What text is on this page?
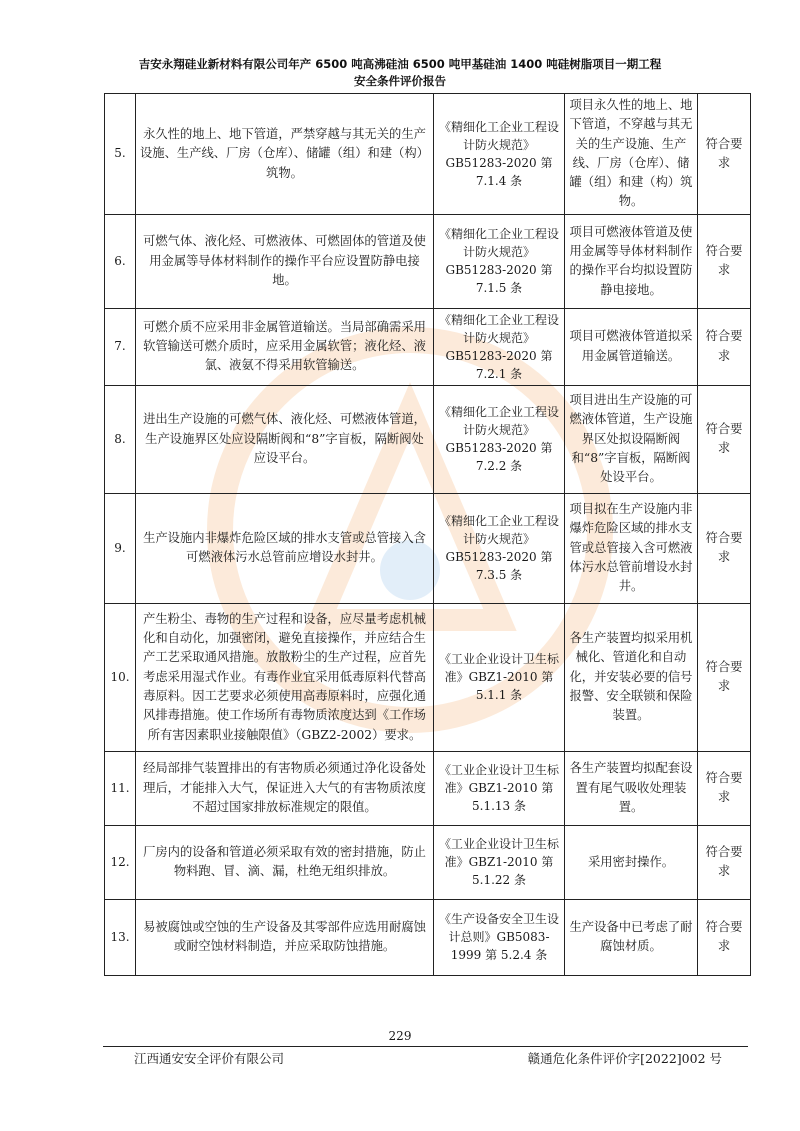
吉安永翔硅业新材料有限公司年产 6500 吨高沸硅油 6500 吨甲基硅油 1400 吨硅树脂项目一期工程
安全条件评价报告
5.	永久性的地上、地下管道，严禁穿越与其无关的生产设施、生产线、厂房（仓库）、储罐（组）和建（构）筑物。	《精细化工企业工程设计防火规范》GB51283-2020 第 7.1.4 条	项目永久性的地上、地下管道，不穿越与其无关的生产设施、生产线、厂房（仓库）、储罐（组）和建（构）筑物。	符合要求
6.	可燃气体、液化烃、可燃液体、可燃固体的管道及使用金属等导体材料制作的操作平台应设置防静电接地。	《精细化工企业工程设计防火规范》GB51283-2020 第 7.1.5 条	项目可燃液体管道及使用金属等导体材料制作的操作平台均拟设置防静电接地。	符合要求
7.	可燃介质不应采用非金属管道输送。当局部确需采用软管输送可燃介质时，应采用金属软管；液化烃、液氯、液氨不得采用软管输送。	《精细化工企业工程设计防火规范》GB51283-2020 第 7.2.1 条	项目可燃液体管道拟采用金属管道输送。	符合要求
8.	进出生产设施的可燃气体、液化烃、可燃液体管道，生产设施界区处应设隔断阀和“8”字盲板，隔断阀处应设平台。	《精细化工企业工程设计防火规范》GB51283-2020 第 7.2.2 条	项目进出生产设施的可燃液体管道，生产设施界区处拟设隔断阀和“8”字盲板，隔断阀处设平台。	符合要求
9.	生产设施内非爆炸危险区域的排水支管或总管接入含可燃液体污水总管前应增设水封井。	《精细化工企业工程设计防火规范》GB51283-2020 第 7.3.5 条	项目拟在生产设施内非爆炸危险区域的排水支管或总管接入含可燃液体污水总管前增设水封井。	符合要求
10.	产生粉尘、毒物的生产过程和设备，应尽量考虑机械化和自动化，加强密闭，避免直接操作，并应结合生产工艺采取通风措施。放散粉尘的生产过程，应首先考虑采用湿式作业。有毒作业宜采用低毒原料代替高毒原料。因工艺要求必须使用高毒原料时，应强化通风排毒措施。使工作场所有毒物质浓度达到《工作场所有害因素职业接触限值》（GBZ2-2002）要求。	《工业企业设计卫生标准》GBZ1-2010 第 5.1.1 条	各生产装置均拟采用机械化、管道化和自动化，并安装必要的信号报警、安全联锁和保险装置。	符合要求
11.	经局部排气装置排出的有害物质必须通过净化设备处理后，才能排入大气，保证进入大气的有害物质浓度不超过国家排放标准规定的限值。	《工业企业设计卫生标准》GBZ1-2010 第 5.1.13 条	各生产装置均拟配套设置有尾气吸收处理装置。	符合要求
12.	厂房内的设备和管道必须采取有效的密封措施，防止物料跑、冒、滴、漏，杜绝无组织排放。	《工业企业设计卫生标准》GBZ1-2010 第 5.1.22 条	采用密封操作。	符合要求
13.	易被腐蚀或空蚀的生产设备及其零部件应选用耐腐蚀或耐空蚀材料制造，并应采取防蚀措施。	《生产设备安全卫生设计总则》GB5083-1999 第 5.2.4 条	生产设备中已考虑了耐腐蚀材质。	符合要求
229
江西通安安全评价有限公司	赣通危化条件评价字[2022]002 号
